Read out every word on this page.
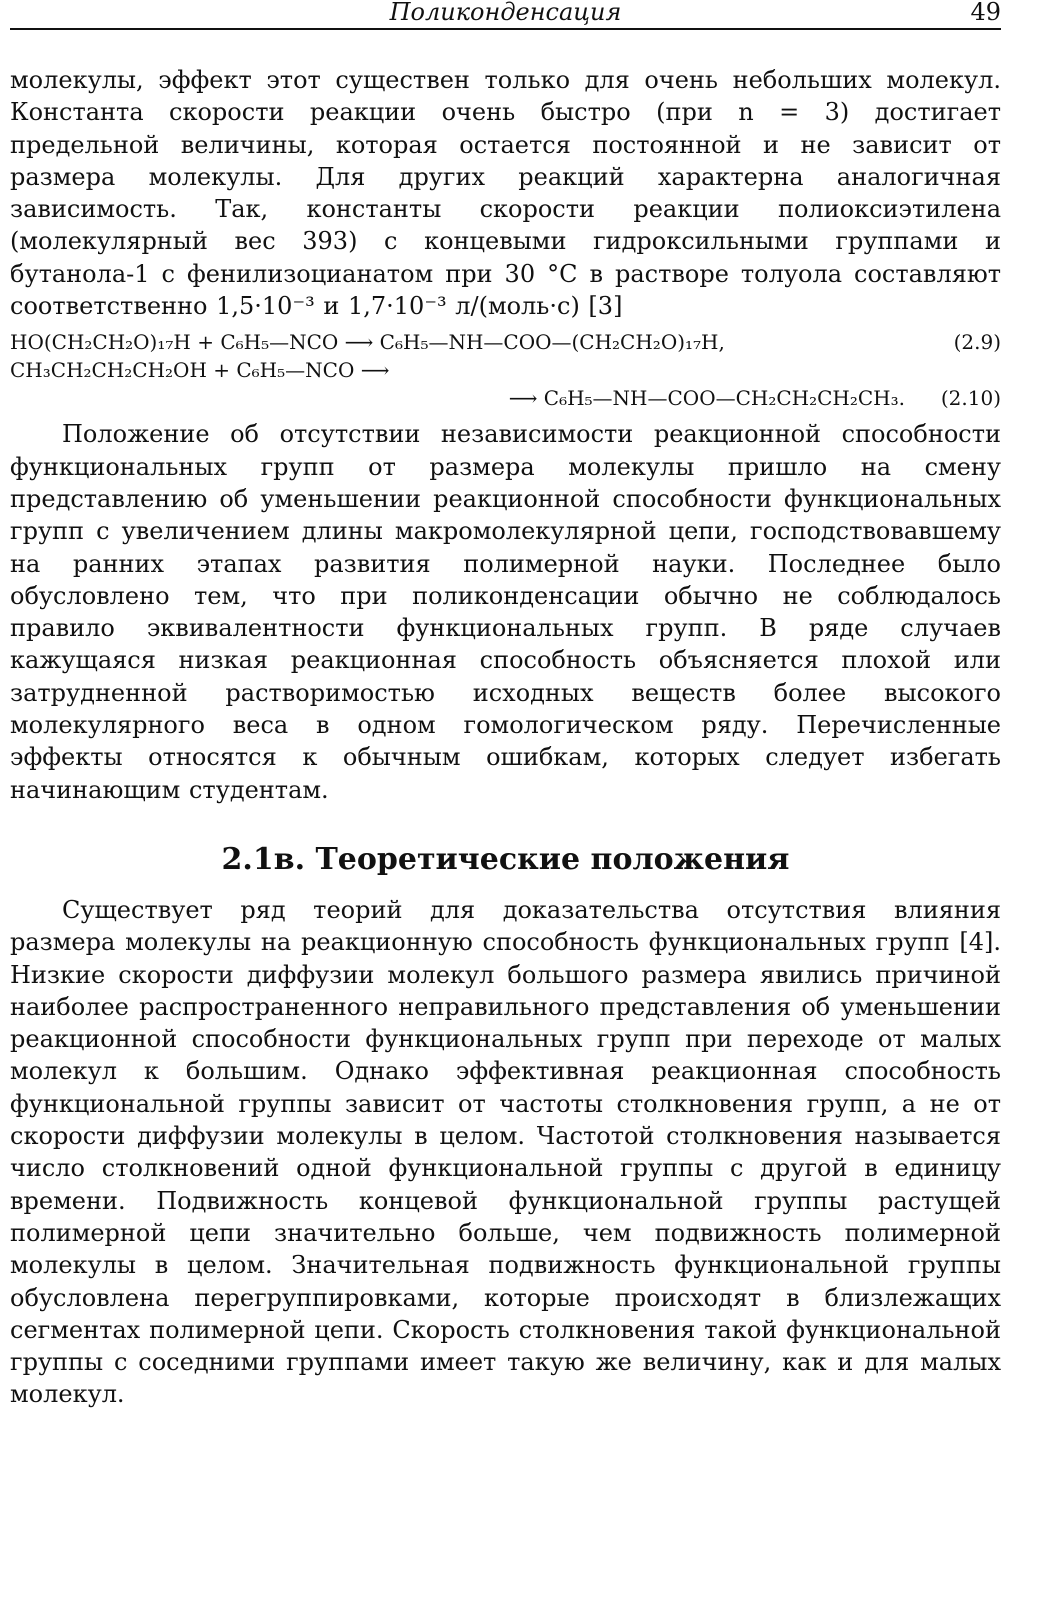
Поликонденсация	49

молекулы, эффект этот существен только для очень небольших молекул. Константа скорости реакции очень быстро (при n = 3) достигает предельной величины, которая остается постоянной и не зависит от размера молекулы. Для других реакций характерна аналогичная зависимость. Так, константы скорости реакции полиоксиэтилена (молекулярный вес 393) с концевыми гидроксильными группами и бутанола-1 с фенилизоцианатом при 30 °С в растворе толуола составляют соответственно 1,5·10⁻³ и 1,7·10⁻³ л/(моль·с) [3]

HO(CH₂CH₂O)₁₇H + C₆H₅—NCO ⟶ C₆H₅—NH—COO—(CH₂CH₂O)₁₇H,	(2.9)
CH₃CH₂CH₂CH₂OH + C₆H₅—NCO ⟶
⟶ C₆H₅—NH—COO—CH₂CH₂CH₂CH₃. (2.10)

Положение об отсутствии независимости реакционной способности функциональных групп от размера молекулы пришло на смену представлению об уменьшении реакционной способности функциональных групп с увеличением длины макромолекулярной цепи, господствовавшему на ранних этапах развития полимерной науки. Последнее было обусловлено тем, что при поликонденсации обычно не соблюдалось правило эквивалентности функциональных групп. В ряде случаев кажущаяся низкая реакционная способность объясняется плохой или затрудненной растворимостью исходных веществ более высокого молекулярного веса в одном гомологическом ряду. Перечисленные эффекты относятся к обычным ошибкам, которых следует избегать начинающим студентам.

2.1в. Теоретические положения

Существует ряд теорий для доказательства отсутствия влияния размера молекулы на реакционную способность функциональных групп [4]. Низкие скорости диффузии молекул большого размера явились причиной наиболее распространенного неправильного представления об уменьшении реакционной способности функциональных групп при переходе от малых молекул к большим. Однако эффективная реакционная способность функциональной группы зависит от частоты столкновения групп, а не от скорости диффузии молекулы в целом. Частотой столкновения называется число столкновений одной функциональной группы с другой в единицу времени. Подвижность концевой функциональной группы растущей полимерной цепи значительно больше, чем подвижность полимерной молекулы в целом. Значительная подвижность функциональной группы обусловлена перегруппировками, которые происходят в близлежащих сегментах полимерной цепи. Скорость столкновения такой функциональной группы с соседними группами имеет такую же величину, как и для малых молекул.
